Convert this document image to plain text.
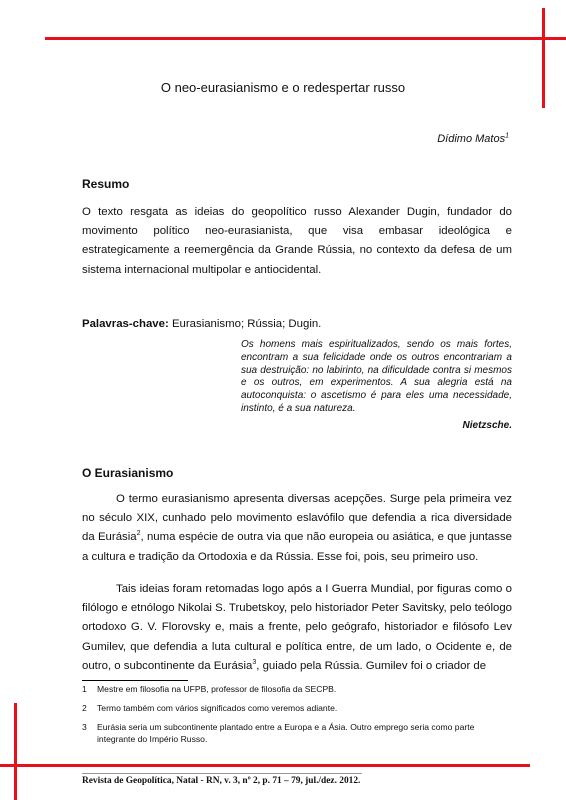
O neo-eurasianismo e o redespertar russo
Dídimo Matos$^1$
Resumo
O texto resgata as ideias do geopolítico russo Alexander Dugin, fundador do movimento político neo-eurasianista, que visa embasar ideológica e estrategicamente a reemergência da Grande Rússia, no contexto da defesa de um sistema internacional multipolar e antiocidental.
Palavras-chave: Eurasianismo; Rússia; Dugin.
Os homens mais espiritualizados, sendo os mais fortes, encontram a sua felicidade onde os outros encontrariam a sua destruição: no labirinto, na dificuldade contra si mesmos e os outros, em experimentos. A sua alegria está na autoconquista: o ascetismo é para eles uma necessidade, instinto, é a sua natureza.
Nietzsche.
O Eurasianismo
O termo eurasianismo apresenta diversas acepções. Surge pela primeira vez no século XIX, cunhado pelo movimento eslavófilo que defendia a rica diversidade da Eurásia$^2$, numa espécie de outra via que não europeia ou asiática, e que juntasse a cultura e tradição da Ortodoxia e da Rússia. Esse foi, pois, seu primeiro uso.
Tais ideias foram retomadas logo após a I Guerra Mundial, por figuras como o filólogo e etnólogo Nikolai S. Trubetskoy, pelo historiador Peter Savitsky, pelo teólogo ortodoxo G. V. Florovsky e, mais a frente, pelo geógrafo, historiador e filósofo Lev Gumilev, que defendia a luta cultural e política entre, de um lado, o Ocidente e, de outro, o subcontinente da Eurásia$^3$, guiado pela Rússia. Gumilev foi o criador de
1 Mestre em filosofia na UFPB, professor de filosofia da SECPB.
2 Termo também com vários significados como veremos adiante.
3 Eurásia seria um subcontinente plantado entre a Europa e a Ásia. Outro emprego seria como parte integrante do Império Russo.
Revista de Geopolítica, Natal - RN, v. 3, nº 2, p. 71 – 79, jul./dez. 2012.
